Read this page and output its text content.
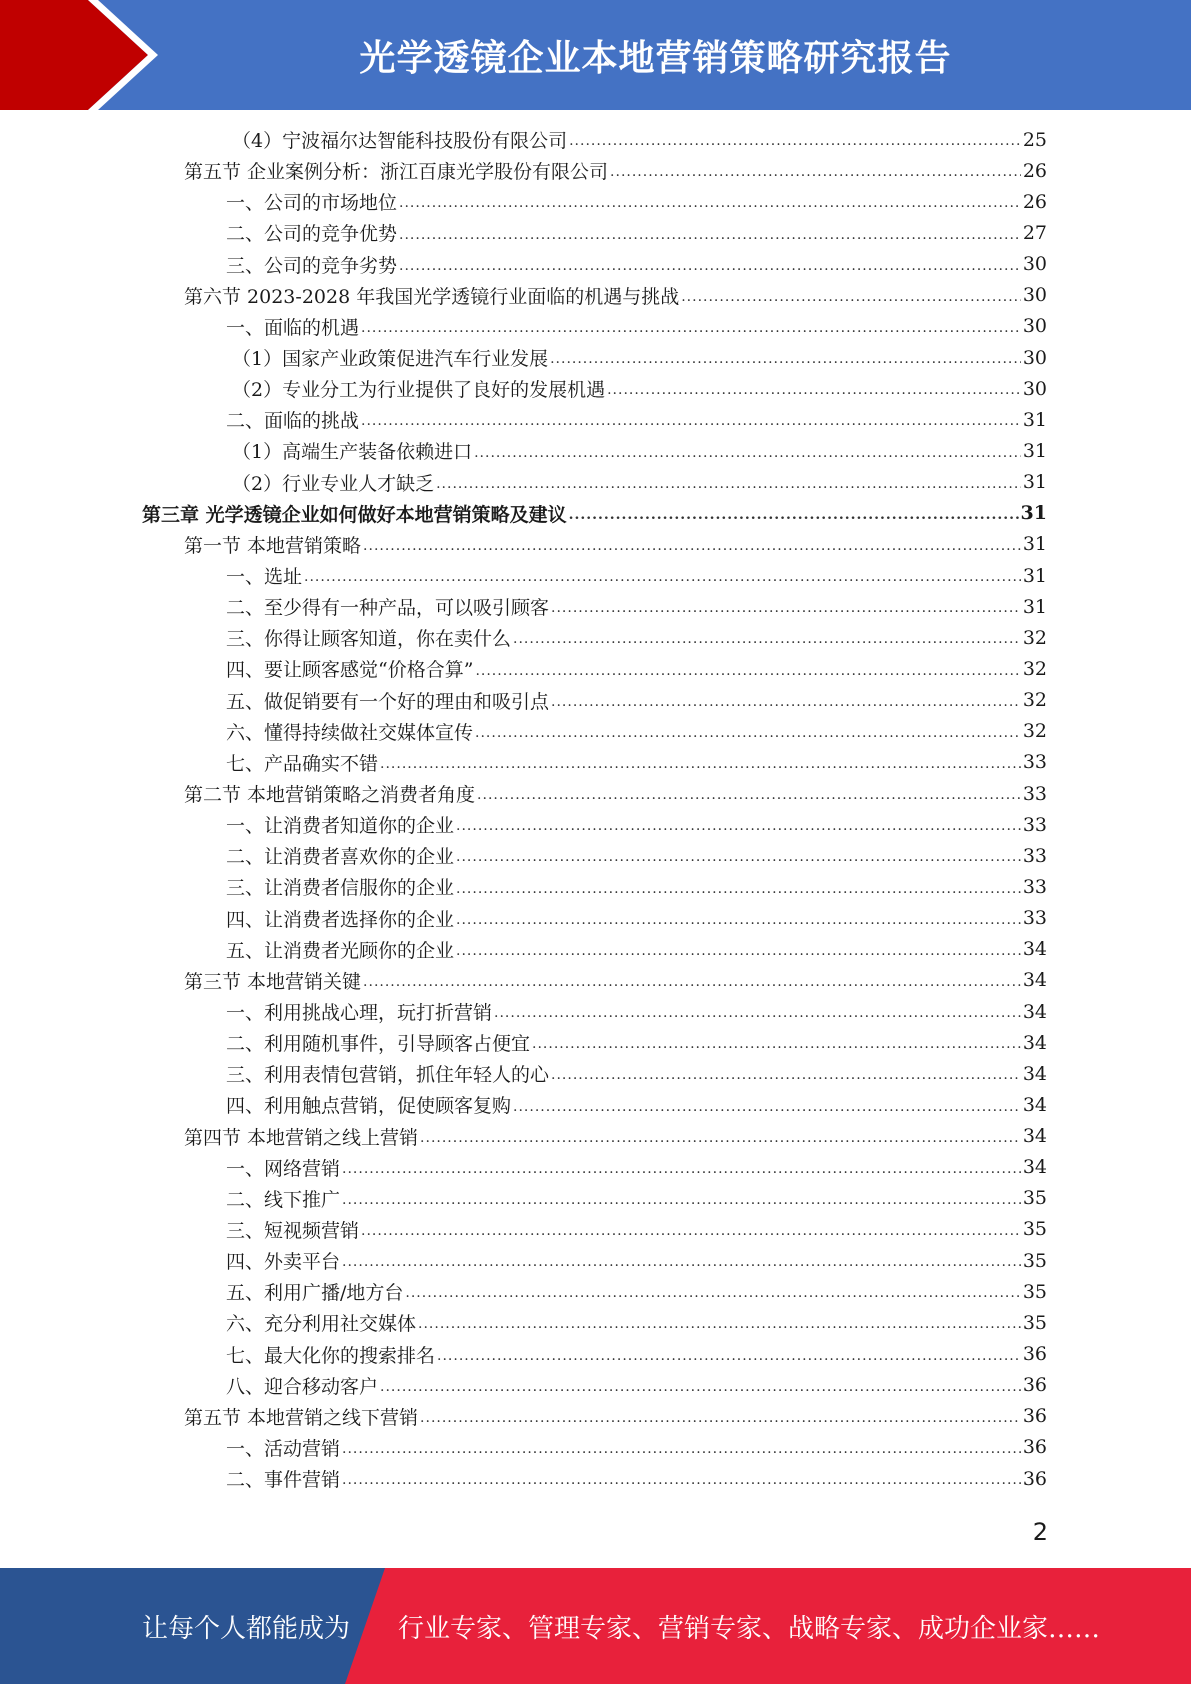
光学透镜企业本地营销策略研究报告
（4）宁波福尔达智能科技股份有限公司 .....	25
第五节 企业案例分析：浙江百康光学股份有限公司 .....	26
一、公司的市场地位 .....	26
二、公司的竞争优势 .....	27
三、公司的竞争劣势 .....	30
第六节 2023-2028 年我国光学透镜行业面临的机遇与挑战 .....	30
一、面临的机遇 .....	30
（1）国家产业政策促进汽车行业发展 .....	30
（2）专业分工为行业提供了良好的发展机遇 .....	30
二、面临的挑战 .....	31
（1）高端生产装备依赖进口 .....	31
（2）行业专业人才缺乏 .....	31
第三章 光学透镜企业如何做好本地营销策略及建议 .....	31
第一节 本地营销策略 .....	31
一、选址 .....	31
二、至少得有一种产品，可以吸引顾客 .....	31
三、你得让顾客知道，你在卖什么 .....	32
四、要让顾客感觉“价格合算” .....	32
五、做促销要有一个好的理由和吸引点 .....	32
六、懂得持续做社交媒体宣传 .....	32
七、产品确实不错 .....	33
第二节 本地营销策略之消费者角度 .....	33
一、让消费者知道你的企业 .....	33
二、让消费者喜欢你的企业 .....	33
三、让消费者信服你的企业 .....	33
四、让消费者选择你的企业 .....	33
五、让消费者光顾你的企业 .....	34
第三节 本地营销关键 .....	34
一、利用挑战心理，玩打折营销 .....	34
二、利用随机事件，引导顾客占便宜 .....	34
三、利用表情包营销，抓住年轻人的心 .....	34
四、利用触点营销，促使顾客复购 .....	34
第四节 本地营销之线上营销 .....	34
一、网络营销 .....	34
二、线下推广 .....	35
三、短视频营销 .....	35
四、外卖平台 .....	35
五、利用广播/地方台 .....	35
六、充分利用社交媒体 .....	35
七、最大化你的搜索排名 .....	36
八、迎合移动客户 .....	36
第五节 本地营销之线下营销 .....	36
一、活动营销 .....	36
二、事件营销 .....	36
2
让每个人都能成为	行业专家、管理专家、营销专家、战略专家、成功企业家……
